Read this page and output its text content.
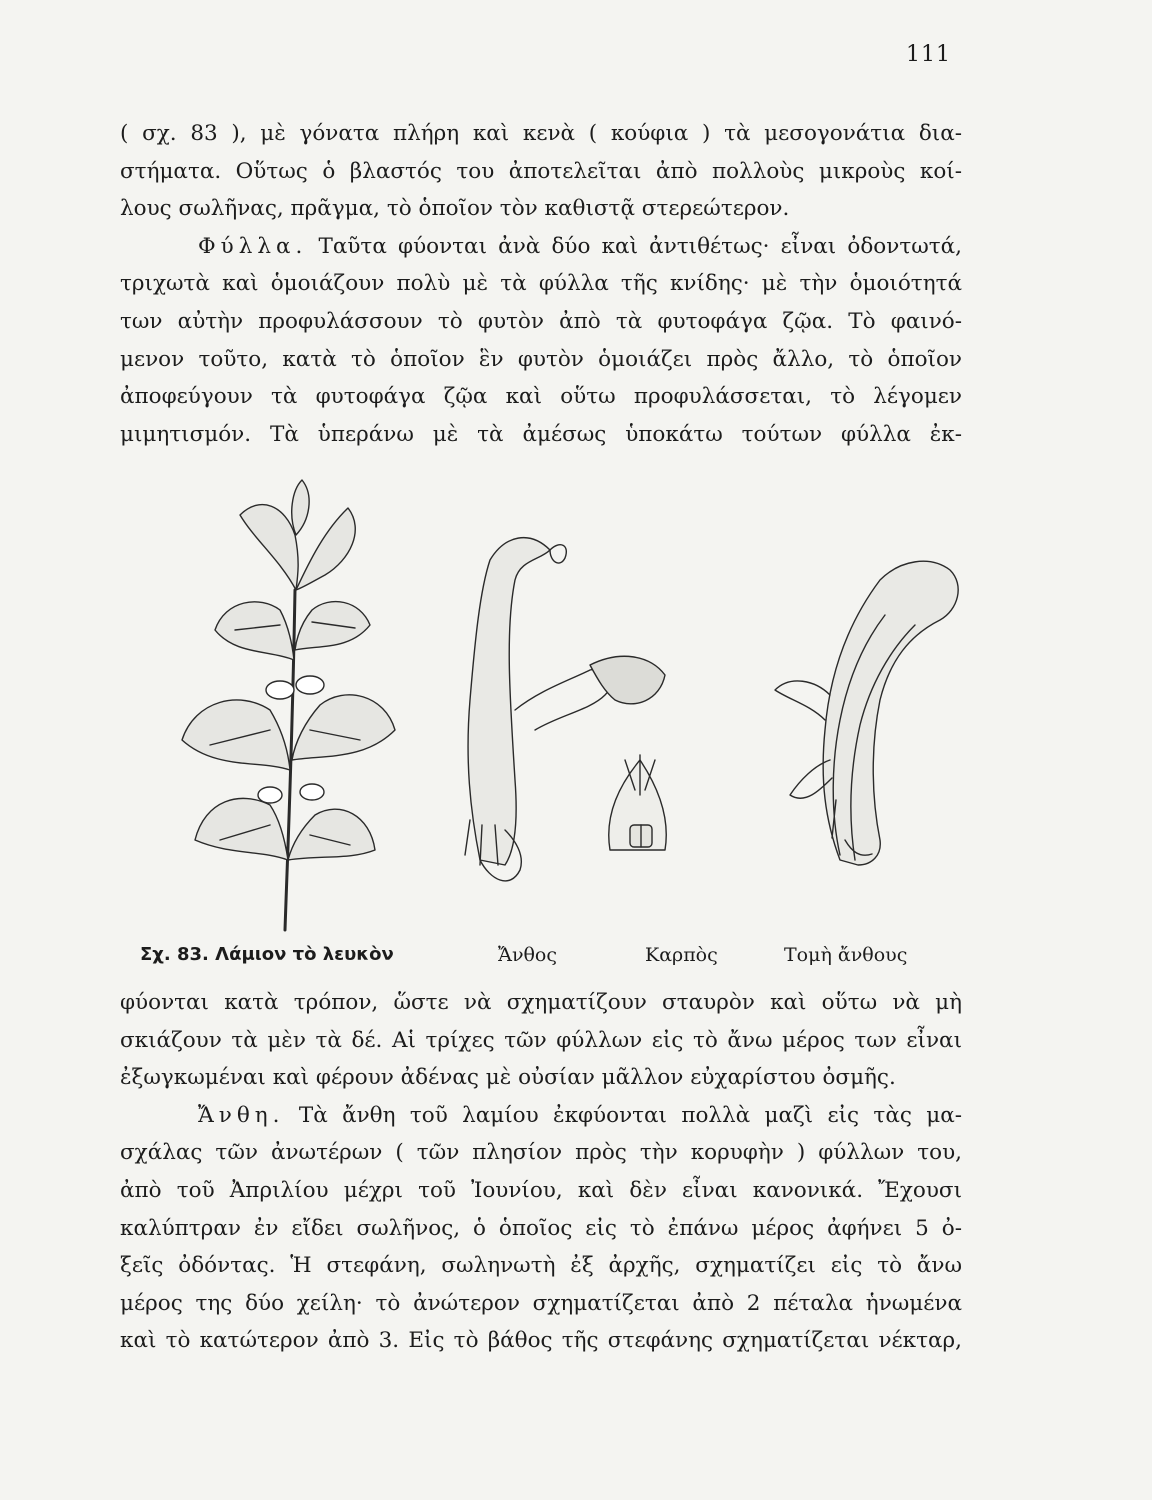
111
( σχ. 83 ), μὲ γόνατα πλήρη καὶ κενὰ ( κούφια ) τὰ μεσογονάτια δια-
στήματα. Οὕτως ὁ βλαστός του ἀποτελεῖται ἀπὸ πολλοὺς μικροὺς κοί-
λους σωλῆνας, πρᾶγμα, τὸ ὁποῖον τὸν καθιστᾷ στερεώτερον.
Φύλλα. Ταῦτα φύονται ἀνὰ δύο καὶ ἀντιθέτως· εἶναι ὀδοντωτά,
τριχωτὰ καὶ ὁμοιάζουν πολὺ μὲ τὰ φύλλα τῆς κνίδης· μὲ τὴν ὁμοιότητά
των αὐτὴν προφυλάσσουν τὸ φυτὸν ἀπὸ τὰ φυτοφάγα ζῷα. Τὸ φαινό-
μενον τοῦτο, κατὰ τὸ ὁποῖον ἓν φυτὸν ὁμοιάζει πρὸς ἄλλο, τὸ ὁποῖον
ἀποφεύγουν τὰ φυτοφάγα ζῷα καὶ οὕτω προφυλάσσεται, τὸ λέγομεν
μιμητισμόν. Τὰ ὑπεράνω μὲ τὰ ἀμέσως ὑποκάτω τούτων φύλλα ἐκ-
Σχ. 83. Λάμιον τὸ λευκὸν	Ἄνθος	Καρπὸς	Τομὴ ἄνθους
φύονται κατὰ τρόπον, ὥστε νὰ σχηματίζουν σταυρὸν καὶ οὕτω νὰ μὴ
σκιάζουν τὰ μὲν τὰ δέ. Αἱ τρίχες τῶν φύλλων εἰς τὸ ἄνω μέρος των εἶναι
ἐξωγκωμέναι καὶ φέρουν ἀδένας μὲ οὐσίαν μᾶλλον εὐχαρίστου ὀσμῆς.
Ἄνθη. Τὰ ἄνθη τοῦ λαμίου ἐκφύονται πολλὰ μαζὶ εἰς τὰς μα-
σχάλας τῶν ἀνωτέρων ( τῶν πλησίον πρὸς τὴν κορυφὴν ) φύλλων του,
ἀπὸ τοῦ Ἀπριλίου μέχρι τοῦ Ἰουνίου, καὶ δὲν εἶναι κανονικά. Ἔχουσι
καλύπτραν ἐν εἴδει σωλῆνος, ὁ ὁποῖος εἰς τὸ ἐπάνω μέρος ἀφήνει 5 ὀ-
ξεῖς ὀδόντας. Ἡ στεφάνη, σωληνωτὴ ἐξ ἀρχῆς, σχηματίζει εἰς τὸ ἄνω
μέρος της δύο χείλη· τὸ ἀνώτερον σχηματίζεται ἀπὸ 2 πέταλα ἡνωμένα
καὶ τὸ κατώτερον ἀπὸ 3. Εἰς τὸ βάθος τῆς στεφάνης σχηματίζεται νέκταρ,
